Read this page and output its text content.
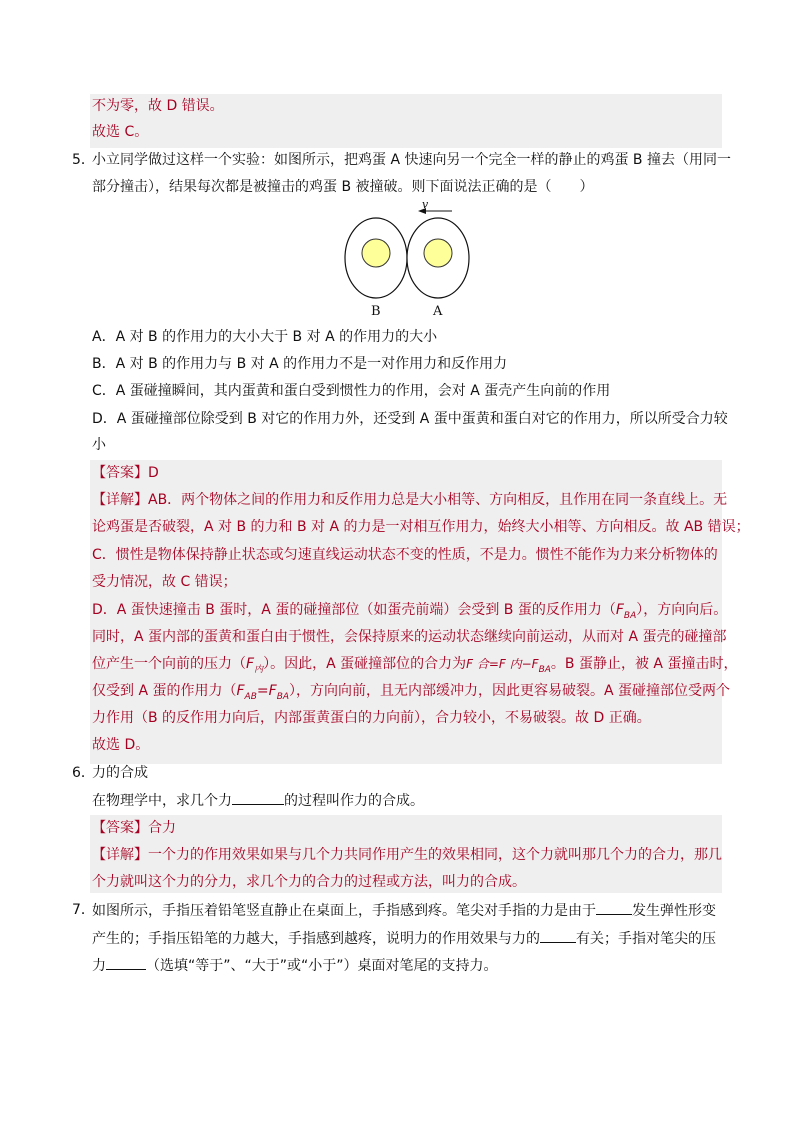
不为零，故 D 错误。
故选 C。
5．
小立同学做过这样一个实验：如图所示，把鸡蛋 A 快速向另一个完全一样的静止的鸡蛋 B 撞去（用同一
部分撞击），结果每次都是被撞击的鸡蛋 B 被撞破。则下面说法正确的是（　　）
v
B	A
A．A 对 B 的作用力的大小大于 B 对 A 的作用力的大小
B．A 对 B 的作用力与 B 对 A 的作用力不是一对作用力和反作用力
C．A 蛋碰撞瞬间，其内蛋黄和蛋白受到惯性力的作用，会对 A 蛋壳产生向前的作用
D．A 蛋碰撞部位除受到 B 对它的作用力外，还受到 A 蛋中蛋黄和蛋白对它的作用力，所以所受合力较
小
【答案】D
【详解】AB．两个物体之间的作用力和反作用力总是大小相等、方向相反，且作用在同一条直线上。无
论鸡蛋是否破裂，A 对 B 的力和 B 对 A 的力是一对相互作用力，始终大小相等、方向相反。故 AB 错误；
C．惯性是物体保持静止状态或匀速直线运动状态不变的性质，不是力。惯性不能作为力来分析物体的
受力情况，故 C 错误；
D．A 蛋快速撞击 B 蛋时，A 蛋的碰撞部位（如蛋壳前端）会受到 B 蛋的反作用力$(F_{BA})$，方向向后。
同时，A 蛋内部的蛋黄和蛋白由于惯性，会保持原来的运动状态继续向前运动，从而对 A 蛋壳的碰撞部
位产生一个向前的压力$(F_内)$。因此，A 蛋碰撞部位的合力为F 合=F 内$-F_{BA}$。B 蛋静止，被 A 蛋撞击时，
仅受到 A 蛋的作用力$(F_{AB}=F_{BA})$，方向向前，且无内部缓冲力，因此更容易破裂。A 蛋碰撞部位受两个
力作用（B 的反作用力向后，内部蛋黄蛋白的力向前），合力较小，不易破裂。故 D 正确。
故选 D。
6．
力的合成
在物理学中，求几个力	的过程叫作力的合成。
【答案】合力
【详解】一个力的作用效果如果与几个力共同作用产生的效果相同，这个力就叫那几个力的合力，那几
个力就叫这个力的分力，求几个力的合力的过程或方法，叫力的合成。
7．
如图所示，手指压着铅笔竖直静止在桌面上，手指感到疼。笔尖对手指的力是由于	发生弹性形变
产生的；手指压铅笔的力越大，手指感到越疼，说明力的作用效果与力的	有关；手指对笔尖的压
力	（选填“等于”、“大于”或“小于”）桌面对笔尾的支持力。
